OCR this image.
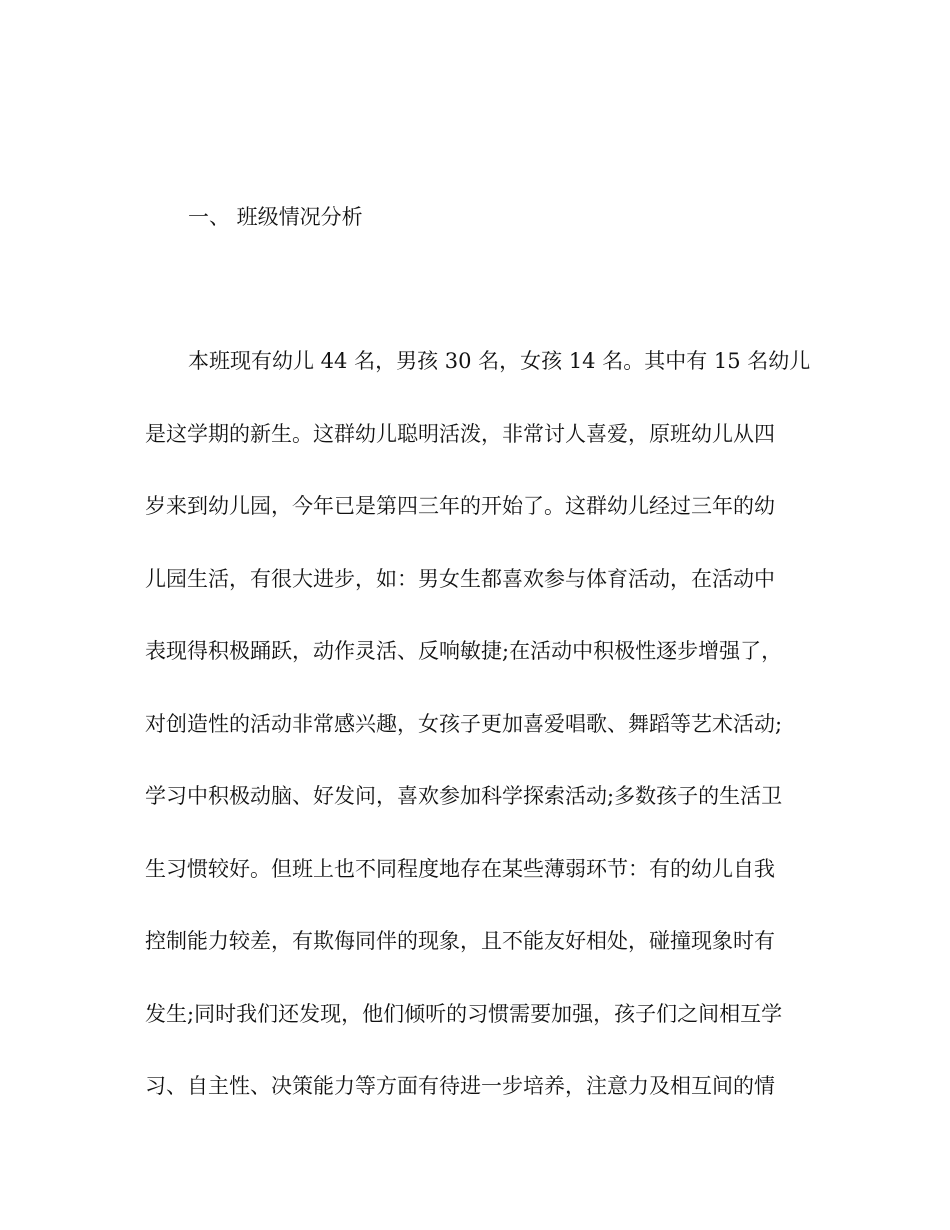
一、 班级情况分析
本班现有幼儿 44 名，男孩 30 名，女孩 14 名。其中有 15 名幼儿
是这学期的新生。这群幼儿聪明活泼，非常讨人喜爱，原班幼儿从四
岁来到幼儿园，今年已是第四三年的开始了。这群幼儿经过三年的幼
儿园生活，有很大进步，如：男女生都喜欢参与体育活动，在活动中
表现得积极踊跃，动作灵活、反响敏捷;在活动中积极性逐步增强了，
对创造性的活动非常感兴趣，女孩子更加喜爱唱歌、舞蹈等艺术活动;
学习中积极动脑、好发问，喜欢参加科学探索活动;多数孩子的生活卫
生习惯较好。但班上也不同程度地存在某些薄弱环节：有的幼儿自我
控制能力较差，有欺侮同伴的现象，且不能友好相处，碰撞现象时有
发生;同时我们还发现，他们倾听的习惯需要加强，孩子们之间相互学
习、自主性、决策能力等方面有待进一步培养，注意力及相互间的情
